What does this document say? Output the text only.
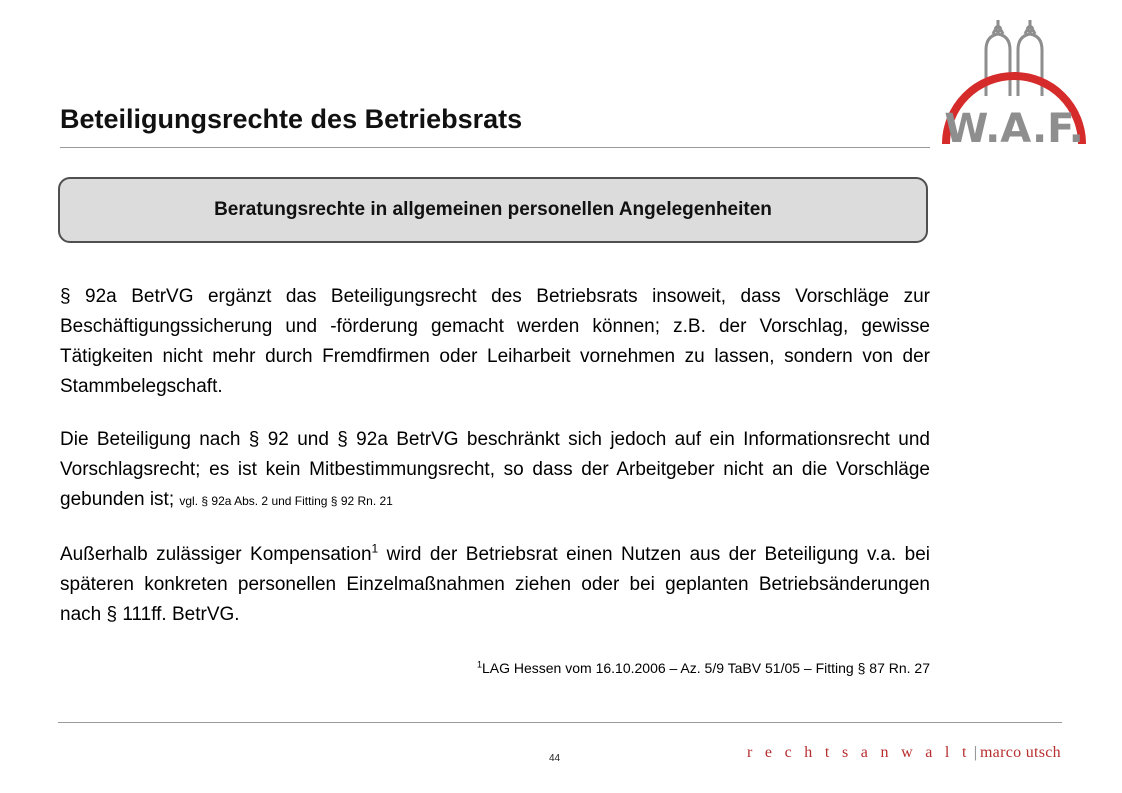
Beteiligungsrechte des Betriebsrats	W.A.F.
Beratungsrechte in allgemeinen personellen Angelegenheiten
§ 92a BetrVG ergänzt das Beteiligungsrecht des Betriebsrats insoweit, dass Vorschläge zur Beschäftigungssicherung und -förderung gemacht werden können; z.B. der Vorschlag, gewisse Tätigkeiten nicht mehr durch Fremdfirmen oder Leiharbeit vornehmen zu lassen, sondern von der Stammbelegschaft.
Die Beteiligung nach § 92 und § 92a BetrVG beschränkt sich jedoch auf ein Informationsrecht und Vorschlagsrecht; es ist kein Mitbestimmungsrecht, so dass der Arbeitgeber nicht an die Vorschläge gebunden ist; vgl. § 92a Abs. 2 und Fitting § 92 Rn. 21
Außerhalb zulässiger Kompensation$^1$ wird der Betriebsrat einen Nutzen aus der Beteiligung v.a. bei späteren konkreten personellen Einzelmaßnahmen ziehen oder bei geplanten Betriebsänderungen nach § 111ff. BetrVG.
$^1$LAG Hessen vom 16.10.2006 – Az. 5/9 TaBV 51/05 – Fitting § 87 Rn. 27
44	r e c h t s a n w a l t | marco utsch
